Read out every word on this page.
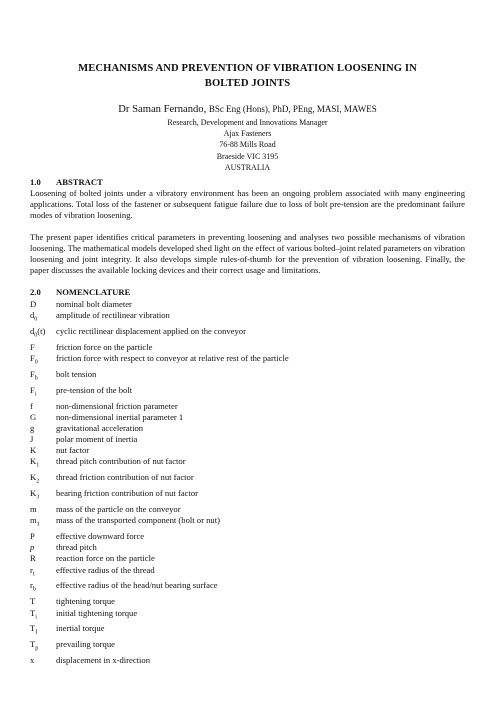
MECHANISMS AND PREVENTION OF VIBRATION LOOSENING IN
BOLTED JOINTS
Dr Saman Fernando, BSc Eng (Hons), PhD, PEng, MASI, MAWES
Research, Development and Innovations Manager
Ajax Fasteners
76-88 Mills Road
Braeside VIC 3195
AUSTRALIA
1.0 ABSTRACT

Loosening of bolted joints under a vibratory environment has been an ongoing problem associated with many engineering applications. Total loss of the fastener or subsequent fatigue failure due to loss of bolt pre-tension are the predominant failure modes of vibration loosening.

The present paper identifies critical parameters in preventing loosening and analyses two possible mechanisms of vibration loosening. The mathematical models developed shed light on the effect of various bolted–joint related parameters on vibration loosening and joint integrity. It also develops simple rules-of-thumb for the prevention of vibration loosening. Finally, the paper discusses the available locking devices and their correct usage and limitations.

2.0 NOMENCLATURE
D	nominal bolt diameter
$d_0$	amplitude of rectilinear vibration
$d_0(t)$	cyclic rectilinear displacement applied on the conveyor
F	friction force on the particle
$F_0$	friction force with respect to conveyor at relative rest of the particle
$F_b$	bolt tension
$F_i$	pre-tension of the bolt
f	non-dimensional friction parameter
G	non-dimensional inertial parameter 1
g	gravitational acceleration
J	polar moment of inertia
K	nut factor
$K_1$	thread pitch contribution of nut factor
$K_2$	thread friction contribution of nut factor
$K_3$	bearing friction contribution of nut factor
m	mass of the particle on the conveyor
$m_1$	mass of the transported component (bolt or nut)
P	effective downward force
p	thread pitch
R	reaction force on the particle
$r_t$	effective radius of the thread
$r_b$	effective radius of the head/nut bearing surface
T	tightening torque
$T_i$	initial tightening torque
$T_I$	inertial torque
$T_p$	prevailing torque
x	displacement in x-direction
